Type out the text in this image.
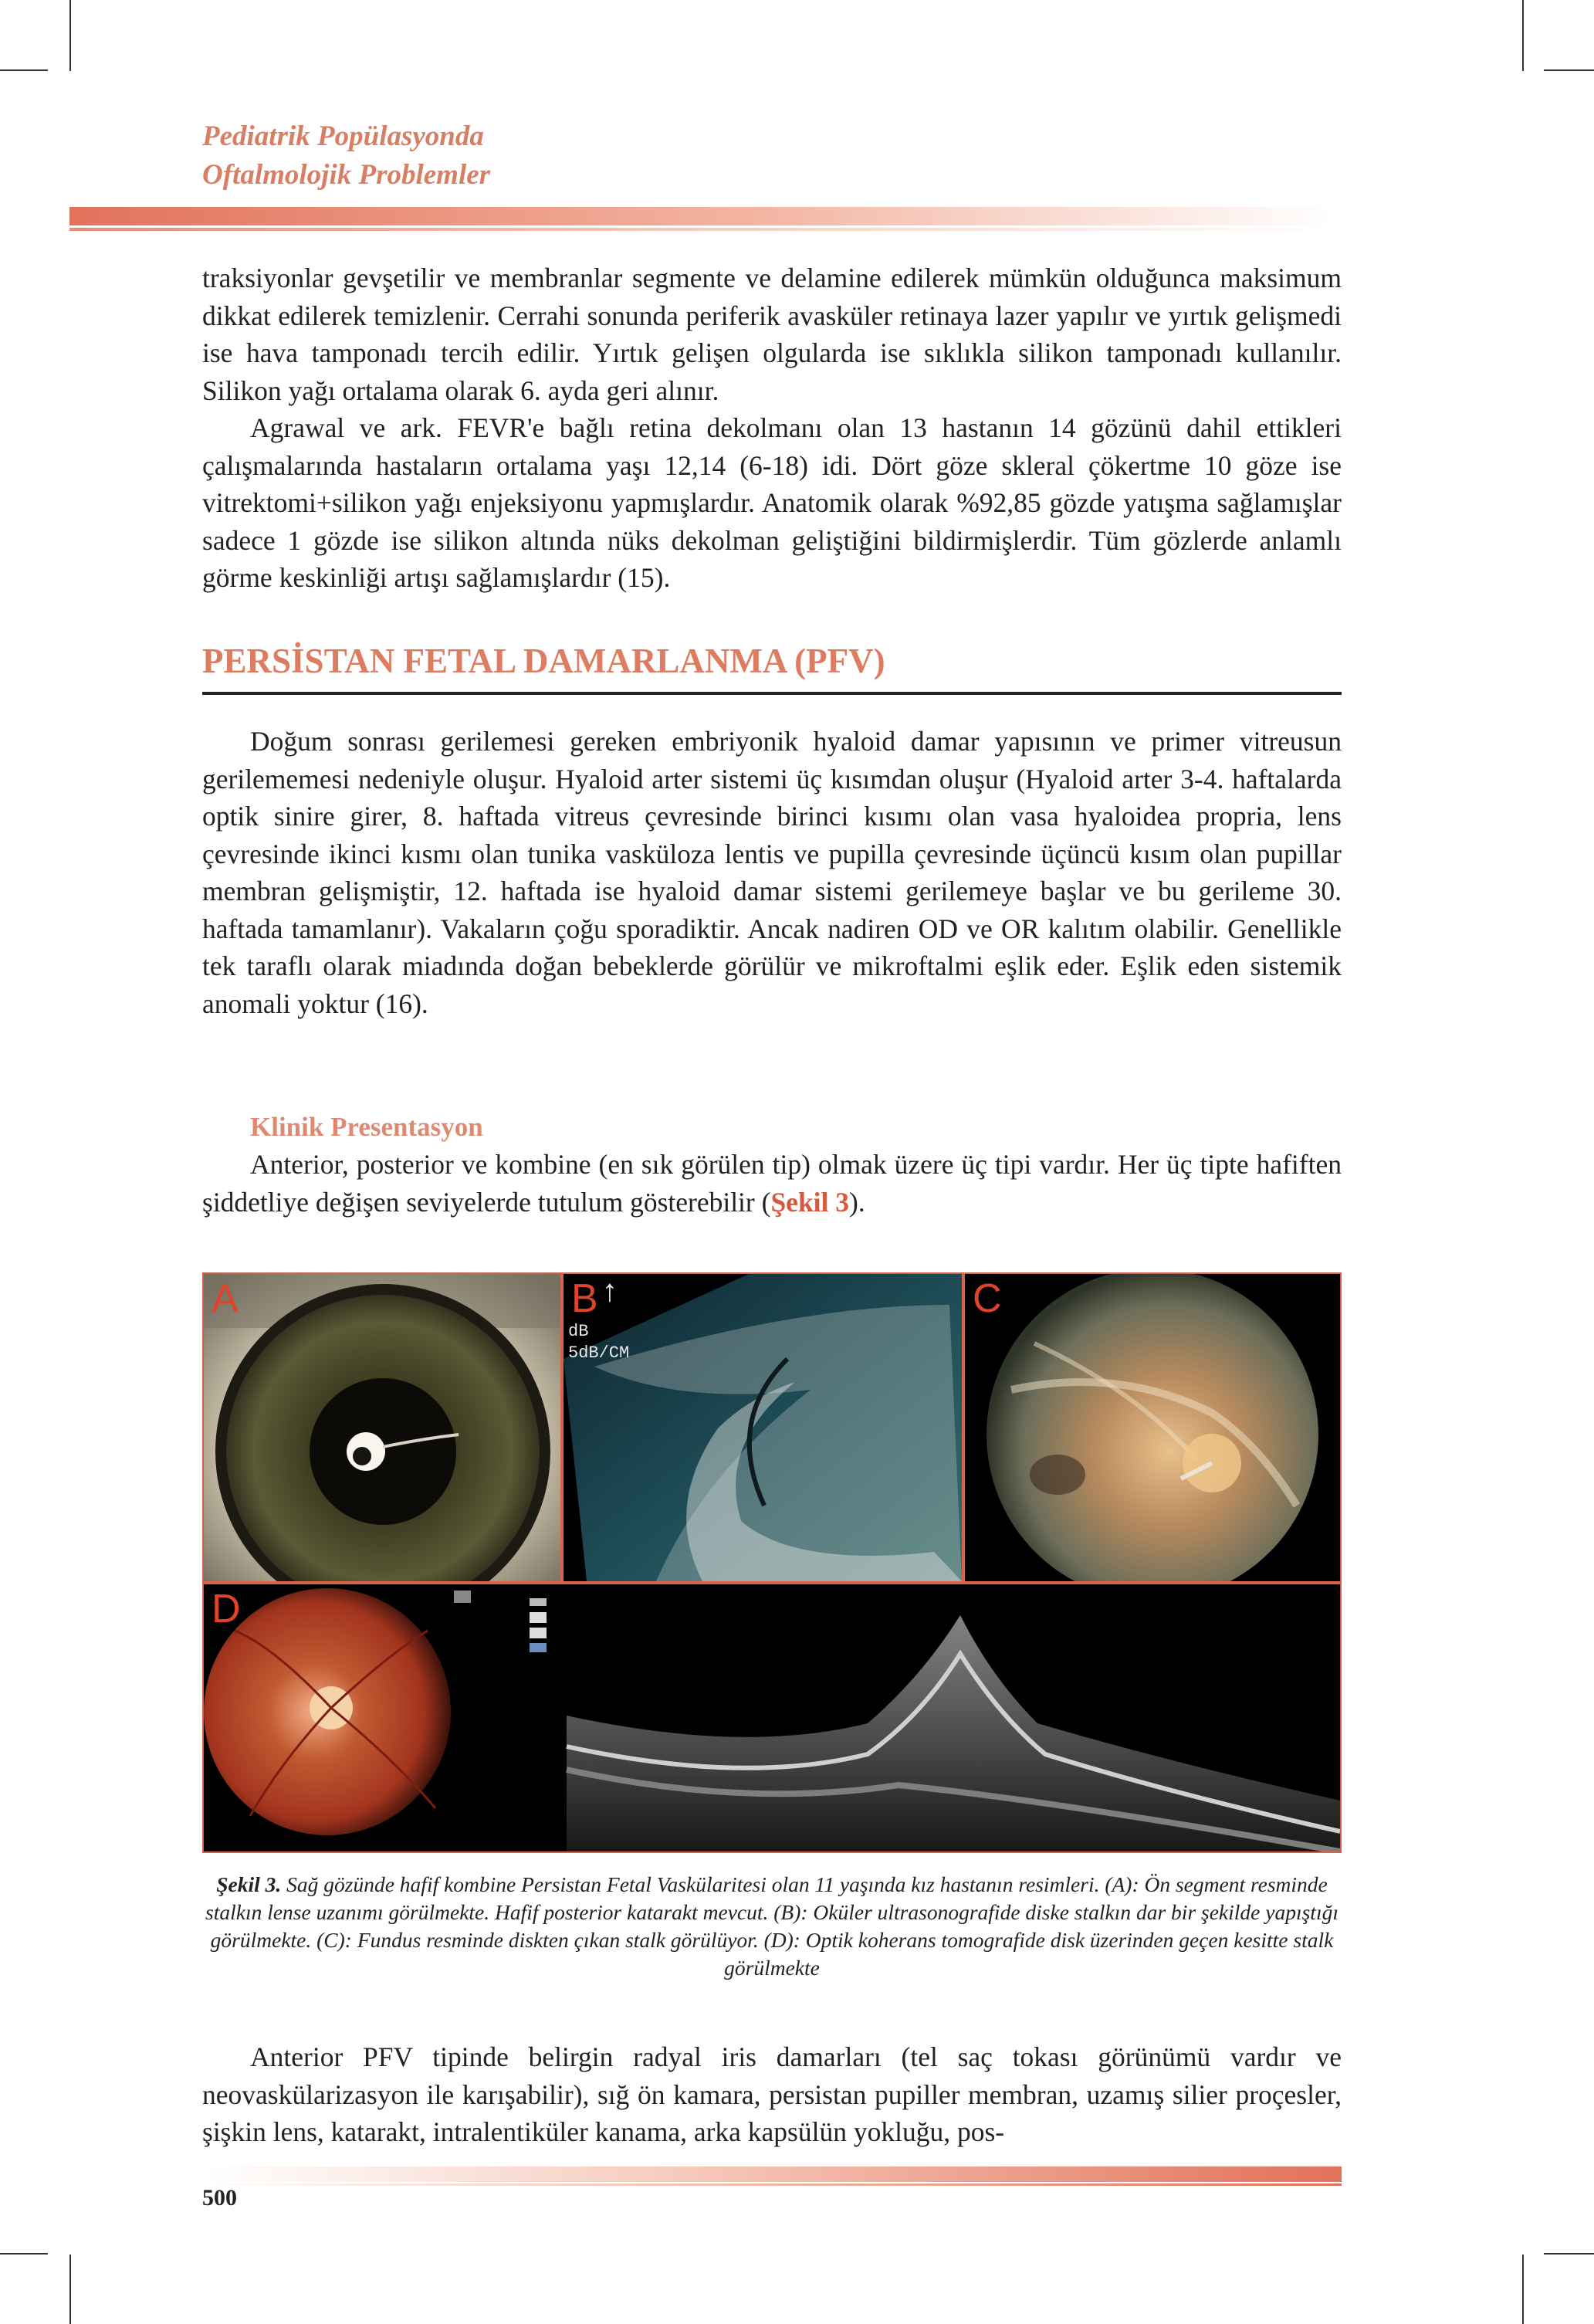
Pediatrik Popülasyonda
Oftalmolojik Problemler

traksiyonlar gevşetilir ve membranlar segmente ve delamine edilerek mümkün olduğunca maksimum dikkat edilerek temizlenir. Cerrahi sonunda periferik avasküler retinaya lazer yapılır ve yırtık gelişmedi ise hava tamponadı tercih edilir. Yırtık gelişen olgularda ise sıklıkla silikon tamponadı kullanılır. Silikon yağı ortalama olarak 6. ayda geri alınır.

Agrawal ve ark. FEVR'e bağlı retina dekolmanı olan 13 hastanın 14 gözünü dahil ettikleri çalışmalarında hastaların ortalama yaşı 12,14 (6-18) idi. Dört göze skleral çökertme 10 göze ise vitrektomi+silikon yağı enjeksiyonu yapmışlardır. Anatomik olarak %92,85 gözde yatışma sağlamışlar sadece 1 gözde ise silikon altında nüks dekolman geliştiğini bildirmişlerdir. Tüm gözlerde anlamlı görme keskinliği artışı sağlamışlardır (15).

PERSİSTAN FETAL DAMARLANMA (PFV)

Doğum sonrası gerilemesi gereken embriyonik hyaloid damar yapısının ve primer vitreusun gerilememesi nedeniyle oluşur. Hyaloid arter sistemi üç kısımdan oluşur (Hyaloid arter 3-4. haftalarda optik sinire girer, 8. haftada vitreus çevresinde birinci kısımı olan vasa hyaloidea propria, lens çevresinde ikinci kısmı olan tunika vasküloza lentis ve pupilla çevresinde üçüncü kısım olan pupillar membran gelişmiştir, 12. haftada ise hyaloid damar sistemi gerilemeye başlar ve bu gerileme 30. haftada tamamlanır). Vakaların çoğu sporadiktir. Ancak nadiren OD ve OR kalıtım olabilir. Genellikle tek taraflı olarak miadında doğan bebeklerde görülür ve mikroftalmi eşlik eder. Eşlik eden sistemik anomali yoktur (16).

Klinik Presentasyon

Anterior, posterior ve kombine (en sık görülen tip) olmak üzere üç tipi vardır. Her üç tipte hafiften şiddetliye değişen seviyelerde tutulum gösterebilir (Şekil 3).

A	B ↑
dB
5dB/CM
C
D
Şekil 3. Sağ gözünde hafif kombine Persistan Fetal Vaskülaritesi olan 11 yaşında kız hastanın resimleri. (A): Ön segment resminde stalkın lense uzanımı görülmekte. Hafif posterior katarakt mevcut. (B): Oküler ultrasonografide diske stalkın dar bir şekilde yapıştığı görülmekte. (C): Fundus resminde diskten çıkan stalk görülüyor. (D): Optik koherans tomografide disk üzerinden geçen kesitte stalk görülmekte

Anterior PFV tipinde belirgin radyal iris damarları (tel saç tokası görünümü vardır ve neovaskülarizasyon ile karışabilir), sığ ön kamara, persistan pupiller membran, uzamış silier proçesler, şişkin lens, katarakt, intralentiküler kanama, arka kapsülün yokluğu, pos-

500
